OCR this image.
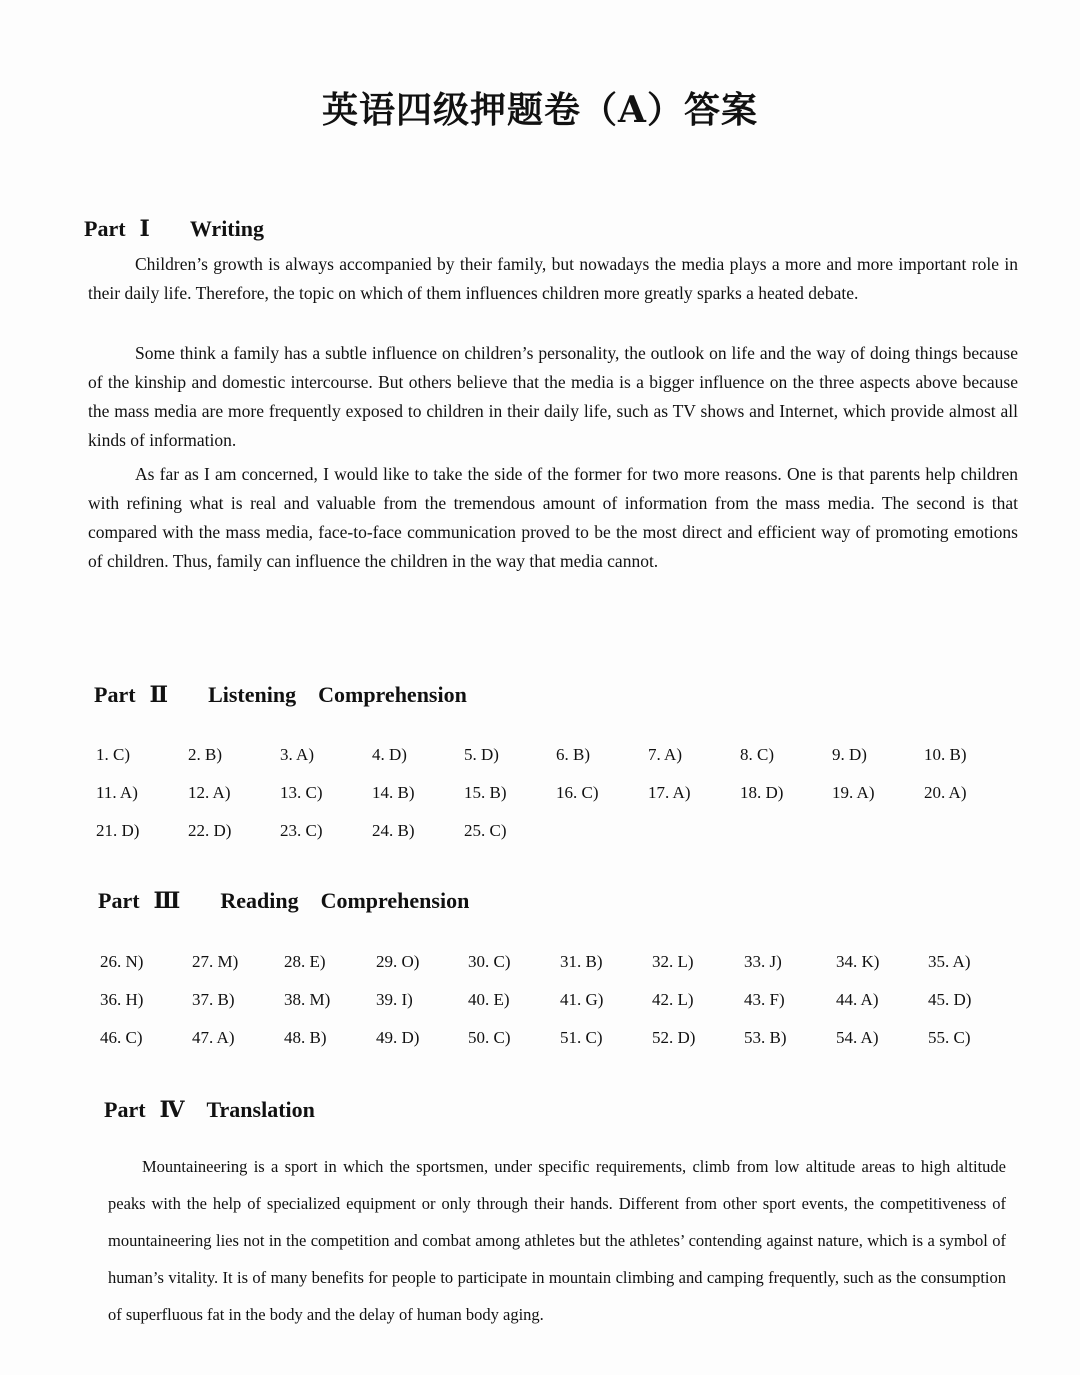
英语四级押题卷（A）答案
Part Ⅰ Writing
Children’s growth is always accompanied by their family, but nowadays the media plays a more and more important role in their daily life. Therefore, the topic on which of them influences children more greatly sparks a heated debate.
Some think a family has a subtle influence on children’s personality, the outlook on life and the way of doing things because of the kinship and domestic intercourse. But others believe that the media is a bigger influence on the three aspects above because the mass media are more frequently exposed to children in their daily life, such as TV shows and Internet, which provide almost all kinds of information.
As far as I am concerned, I would like to take the side of the former for two more reasons. One is that parents help children with refining what is real and valuable from the tremendous amount of information from the mass media. The second is that compared with the mass media, face-to-face communication proved to be the most direct and efficient way of promoting emotions of children. Thus, family can influence the children in the way that media cannot.
Part Ⅱ Listening Comprehension
1. C)	2. B)	3. A)	4. D)	5. D)	6. B)	7. A)	8. C)	9. D)	10. B)
11. A)	12. A)	13. C)	14. B)	15. B)	16. C)	17. A)	18. D)	19. A)	20. A)
21. D)	22. D)	23. C)	24. B)	25. C)
Part Ⅲ Reading Comprehension
26. N)	27. M)	28. E)	29. O)	30. C)	31. B)	32. L)	33. J)	34. K)	35. A)
36. H)	37. B)	38. M)	39. I)	40. E)	41. G)	42. L)	43. F)	44. A)	45. D)
46. C)	47. A)	48. B)	49. D)	50. C)	51. C)	52. D)	53. B)	54. A)	55. C)
Part Ⅳ Translation
Mountaineering is a sport in which the sportsmen, under specific requirements, climb from low altitude areas to high altitude peaks with the help of specialized equipment or only through their hands. Different from other sport events, the competitiveness of mountaineering lies not in the competition and combat among athletes but the athletes’ contending against nature, which is a symbol of human’s vitality. It is of many benefits for people to participate in mountain climbing and camping frequently, such as the consumption of superfluous fat in the body and the delay of human body aging.
